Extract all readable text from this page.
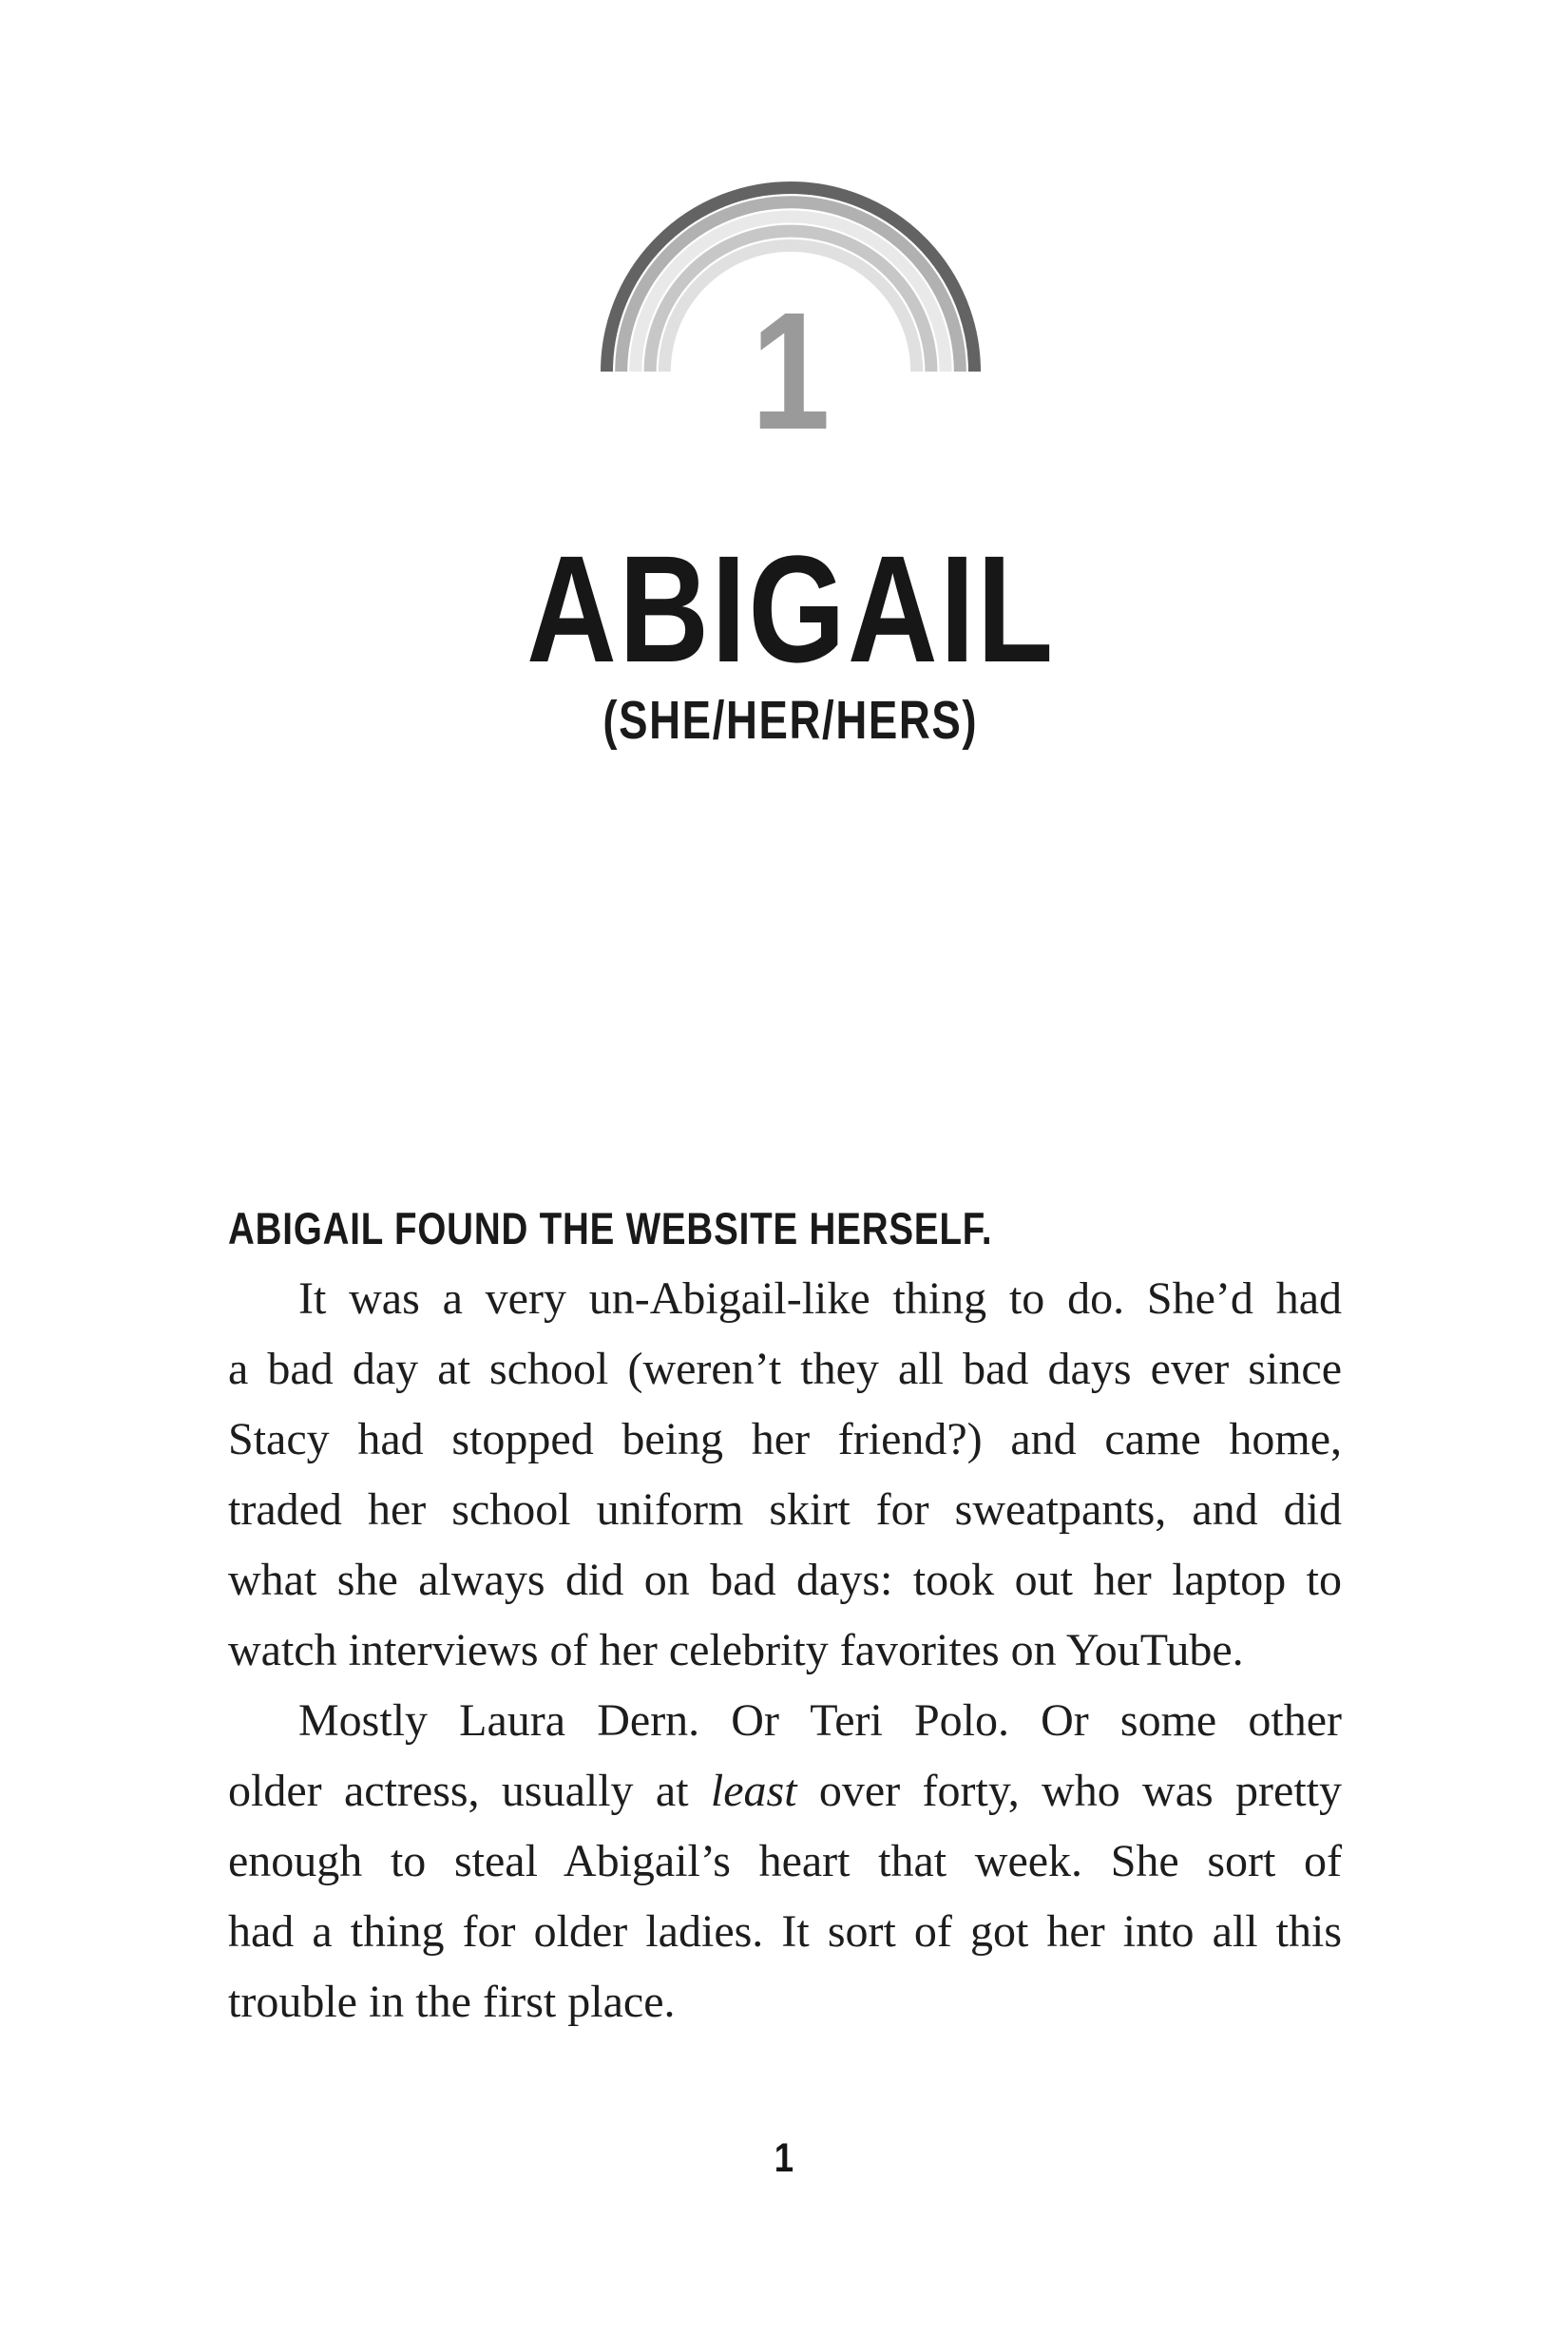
1
ABIGAIL
(SHE/HER/HERS)
ABIGAIL FOUND THE WEBSITE HERSELF.
It was a very un-Abigail-like thing to do. She’d had
a bad day at school (weren’t they all bad days ever since
Stacy had stopped being her friend?) and came home,
traded her school uniform skirt for sweatpants, and did
what she always did on bad days: took out her laptop to
watch interviews of her celebrity favorites on YouTube.
Mostly Laura Dern. Or Teri Polo. Or some other
older actress, usually at least over forty, who was pretty
enough to steal Abigail’s heart that week. She sort of
had a thing for older ladies. It sort of got her into all this
trouble in the first place.
1
